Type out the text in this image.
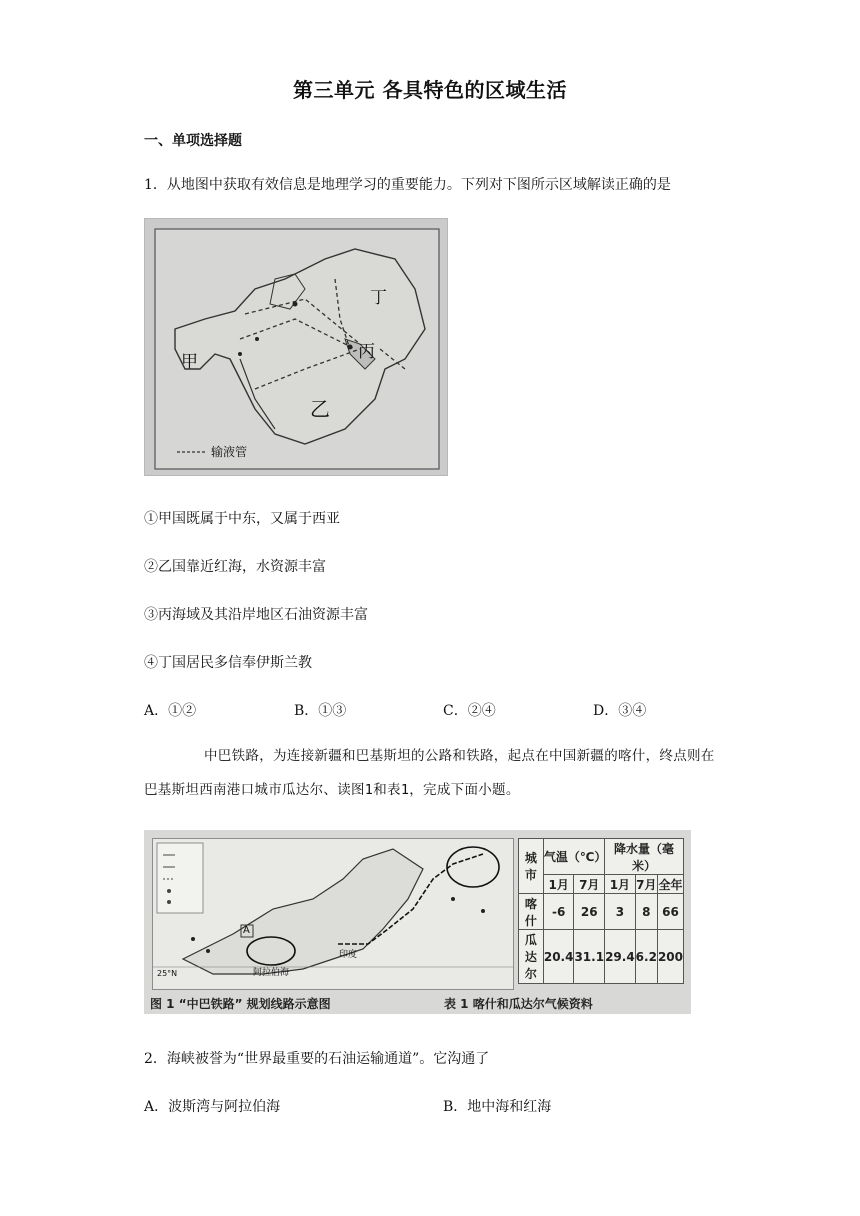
第三单元 各具特色的区域生活
一、单项选择题
1．从地图中获取有效信息是地理学习的重要能力。下列对下图所示区域解读正确的是
甲
乙
丙
丁
输液管
①甲国既属于中东，又属于西亚
②乙国靠近红海，水资源丰富
③丙海域及其沿岸地区石油资源丰富
④丁国居民多信奉伊斯兰教
A．①②	B．①③	C．②④	D．③④
中巴铁路，为连接新疆和巴基斯坦的公路和铁路，起点在中国新疆的喀什，终点则在巴基斯坦西南港口城市瓜达尔、读图1和表1，完成下面小题。
A
阿拉伯海
印度
25°N
图 1 “中巴铁路” 规划线路示意图
城市	气温（℃）		降水量（毫米）		
	1月	7月	1月	7月	全年
喀什	-6	26	3	8	66
瓜达尔	20.4	31.1	29.4	6.2	200
表 1 喀什和瓜达尔气候资料
2．海峡被誉为“世界最重要的石油运输通道”。它沟通了
A．波斯湾与阿拉伯海	B．地中海和红海
